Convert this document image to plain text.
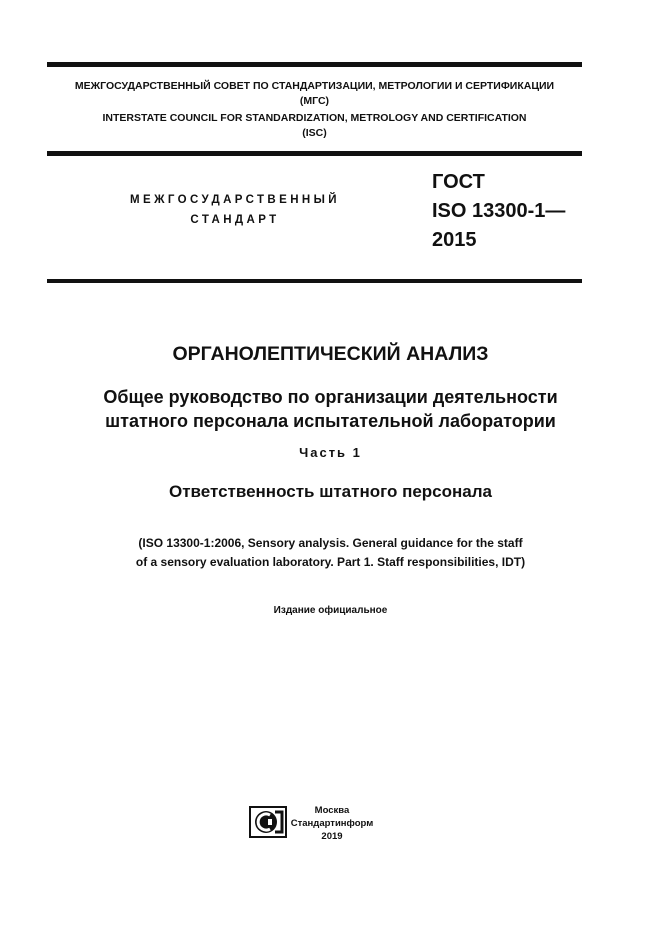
МЕЖГОСУДАРСТВЕННЫЙ СОВЕТ ПО СТАНДАРТИЗАЦИИ, МЕТРОЛОГИИ И СЕРТИФИКАЦИИ
(МГС)
INTERSTATE COUNCIL FOR STANDARDIZATION, METROLOGY AND CERTIFICATION
(ISC)
МЕЖГОСУДАРСТВЕННЫЙ
СТАНДАРТ
ГОСТ
ISO 13300-1—
2015
ОРГАНОЛЕПТИЧЕСКИЙ АНАЛИЗ
Общее руководство по организации деятельности
штатного персонала испытательной лаборатории
Часть 1
Ответственность штатного персонала
(ISO 13300-1:2006, Sensory analysis. General guidance for the staff
of a sensory evaluation laboratory. Part 1. Staff responsibilities, IDT)
Издание официальное
Москва
Стандартинформ
2019
